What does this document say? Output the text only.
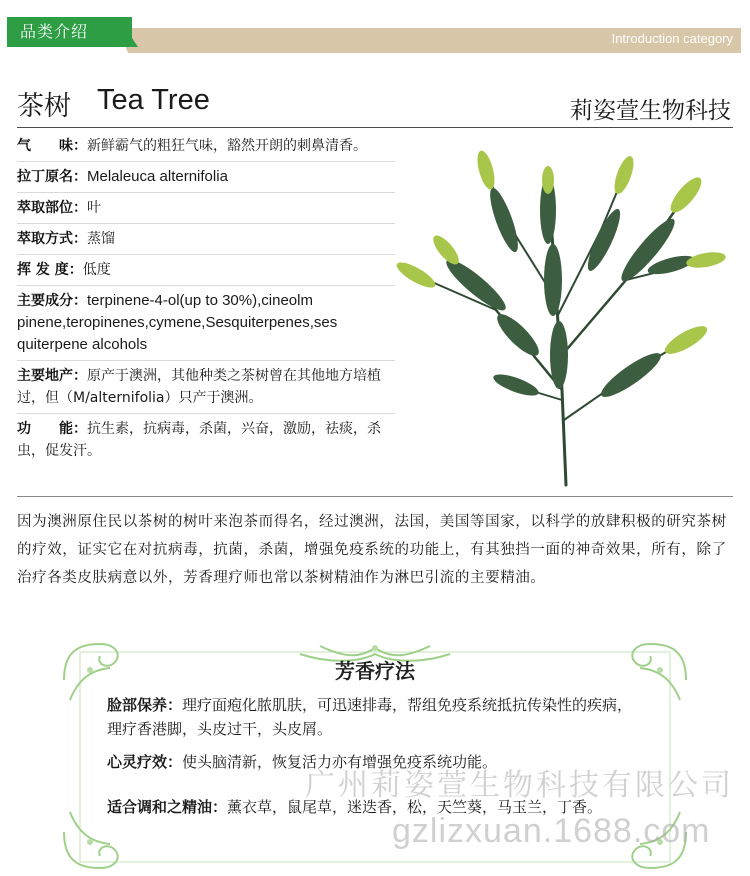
品类介绍	Introduction category
茶树 Tea Tree	莉姿萱生物科技
气　　味：新鲜霸气的粗狂气味，豁然开朗的刺鼻清香。
拉丁原名：Melaleuca alternifolia
萃取部位：叶
萃取方式：蒸馏
挥 发 度：低度
主要成分：terpinene-4-ol(up to 30%),cineolm pinene,teropinenes,cymene,Sesquiterpenes,ses quiterpene alcohols
主要地产：原产于澳洲，其他种类之茶树曾在其他地方培植过，但（M/alternifolia）只产于澳洲。
功　　能：抗生素，抗病毒，杀菌，兴奋，激励，祛痰，杀虫，促发汗。
因为澳洲原住民以茶树的树叶来泡茶而得名，经过澳洲，法国，美国等国家，以科学的放肆积极的研究茶树的疗效，证实它在对抗病毒，抗菌，杀菌，增强免疫系统的功能上，有其独挡一面的神奇效果，所有，除了治疗各类皮肤病意以外，芳香理疗师也常以茶树精油作为淋巴引流的主要精油。
芳香疗法
脸部保养：理疗面疱化脓肌肤，可迅速排毒，帮组免疫系统抵抗传染性的疾病，理疗香港脚，头皮过干，头皮屑。
心灵疗效：使头脑清新，恢复活力亦有增强免疫系统功能。
适合调和之精油：薰衣草，鼠尾草，迷迭香，松，天竺葵，马玉兰，丁香。
广州莉姿萱生物科技有限公司
gzlizxuan.1688.com
